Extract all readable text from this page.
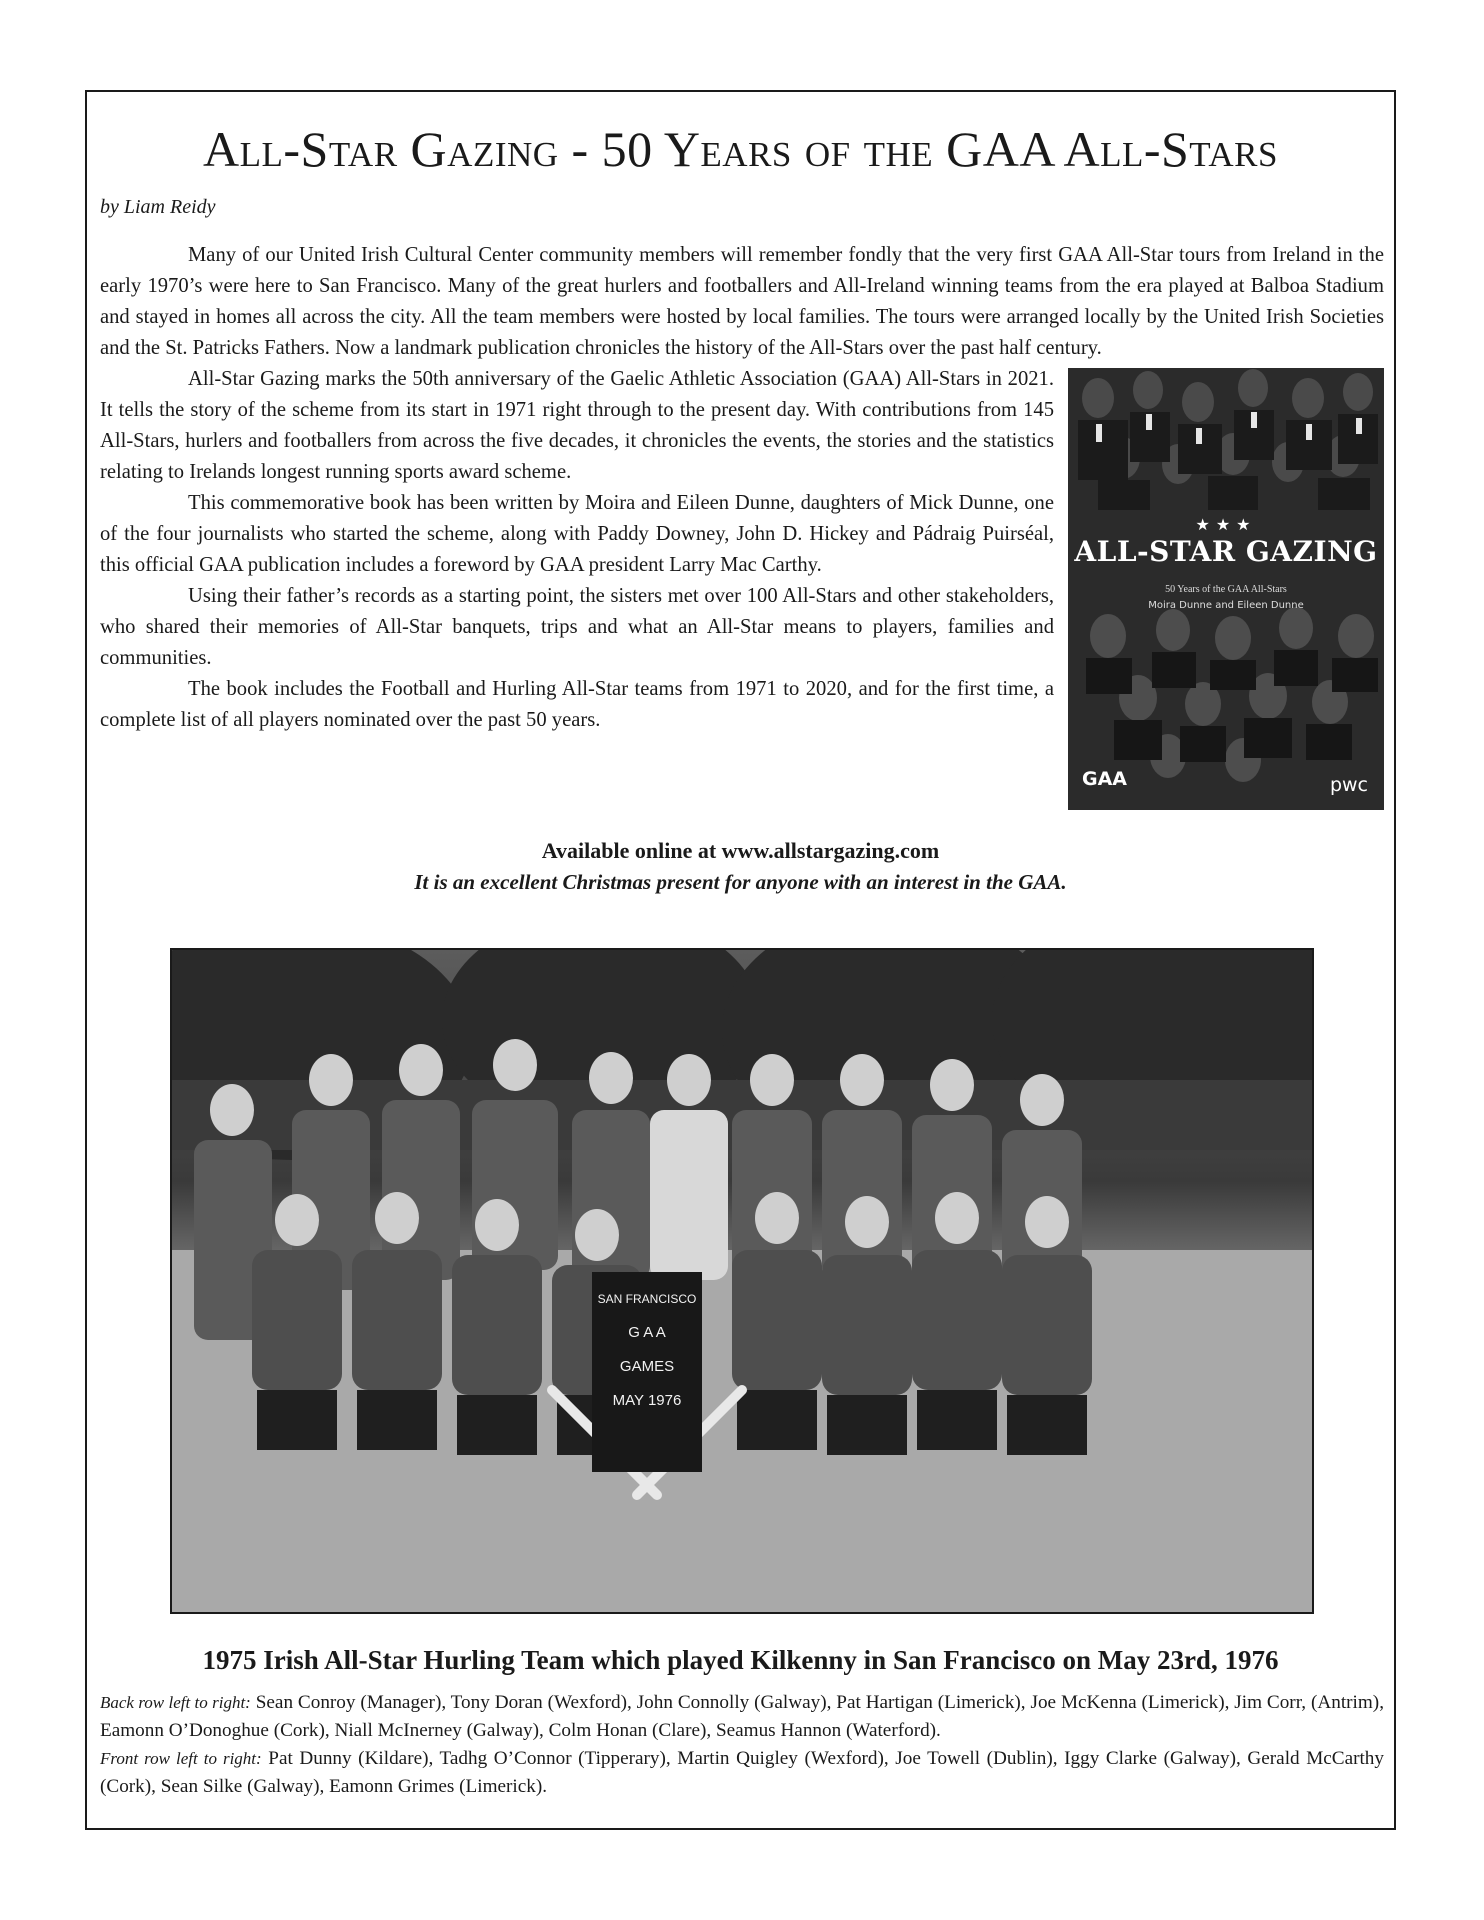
All-Star Gazing - 50 Years of the GAA All-Stars

by Liam Reidy

Many of our United Irish Cultural Center community members will remember fondly that the very first GAA All-Star tours from Ireland in the early 1970’s were here to San Francisco. Many of the great hurlers and footballers and All-Ireland winning teams from the era played at Balboa Stadium and stayed in homes all across the city. All the team members were hosted by local families. The tours were arranged locally by the United Irish Societies and the St. Patricks Fathers. Now a landmark publication chronicles the history of the All-Stars over the past half century.

★★★
ALL-STAR GAZING
50 Years of the GAA All-Stars
Moira Dunne and Eileen Dunne
GAA	pwc

All-Star Gazing marks the 50th anniversary of the Gaelic Athletic Association (GAA) All-Stars in 2021. It tells the story of the scheme from its start in 1971 right through to the present day. With contributions from 145 All-Stars, hurlers and footballers from across the five decades, it chronicles the events, the stories and the statistics relating to Irelands longest running sports award scheme.

This commemorative book has been written by Moira and Eileen Dunne, daughters of Mick Dunne, one of the four journalists who started the scheme, along with Paddy Downey, John D. Hickey and Pádraig Puirséal, this official GAA publication includes a foreword by GAA president Larry Mac Carthy.

Using their father’s records as a starting point, the sisters met over 100 All-Stars and other stakeholders, who shared their memories of All-Star banquets, trips and what an All-Star means to players, families and communities.

The book includes the Football and Hurling All-Star teams from 1971 to 2020, and for the first time, a complete list of all players nominated over the past 50 years.

Available online at www.allstargazing.com

It is an excellent Christmas present for anyone with an interest in the GAA.

SAN FRANCISCO
G A A
GAMES
MAY 1976

1975 Irish All-Star Hurling Team which played Kilkenny in San Francisco on May 23rd, 1976

Back row left to right: Sean Conroy (Manager), Tony Doran (Wexford), John Connolly (Galway), Pat Hartigan (Limerick), Joe McKenna (Limerick), Jim Corr, (Antrim), Eamonn O’Donoghue (Cork), Niall McInerney (Galway), Colm Honan (Clare), Seamus Hannon (Waterford).
Front row left to right: Pat Dunny (Kildare), Tadhg O’Connor (Tipperary), Martin Quigley (Wexford), Joe Towell (Dublin), Iggy Clarke (Galway), Gerald McCarthy (Cork), Sean Silke (Galway), Eamonn Grimes (Limerick).
